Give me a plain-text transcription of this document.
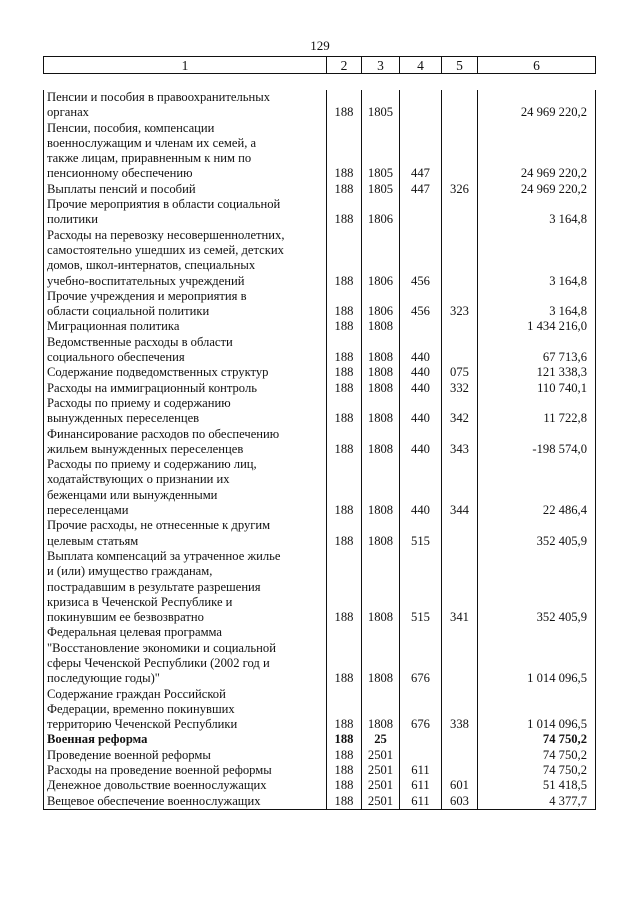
129
1	2	3	4	5	6
Пенсии и пособия в правоохранительных
органах	188	1805			24 969 220,2

Пенсии, пособия, компенсации
военнослужащим и членам их семей, а
также лицам, приравненным к ним по
пенсионному обеспечению	188	1805	447		24 969 220,2

Выплаты пенсий и пособий	188	1805	447	326	24 969 220,2

Прочие мероприятия в области социальной
политики	188	1806			3 164,8

Расходы на перевозку несовершеннолетних,
самостоятельно ушедших из семей, детских
домов, школ-интернатов, специальных
учебно-воспитательных учреждений	188	1806	456		3 164,8

Прочие учреждения и мероприятия в
области социальной политики	188	1806	456	323	3 164,8

Миграционная политика	188	1808			1 434 216,0

Ведомственные расходы в области
социального обеспечения	188	1808	440		67 713,6

Содержание подведомственных структур	188	1808	440	075	121 338,3

Расходы на иммиграционный контроль	188	1808	440	332	110 740,1

Расходы по приему и содержанию
вынужденных переселенцев	188	1808	440	342	11 722,8

Финансирование расходов по обеспечению
жильем вынужденных переселенцев	188	1808	440	343	-198 574,0

Расходы по приему и содержанию лиц,
ходатайствующих о признании их
беженцами или вынужденными
переселенцами	188	1808	440	344	22 486,4

Прочие расходы, не отнесенные к другим
целевым статьям	188	1808	515		352 405,9

Выплата компенсаций за утраченное жилье
и (или) имущество гражданам,
пострадавшим в результате разрешения
кризиса в Чеченской Республике и
покинувшим ее безвозвратно	188	1808	515	341	352 405,9

Федеральная целевая программа
"Восстановление экономики и социальной
сферы Чеченской Республики (2002 год и
последующие годы)"	188	1808	676		1 014 096,5

Содержание граждан Российской
Федерации, временно покинувших
территорию Чеченской Республики	188	1808	676	338	1 014 096,5

Военная реформа	188	25			74 750,2

Проведение военной реформы	188	2501			74 750,2

Расходы на проведение военной реформы	188	2501	611		74 750,2

Денежное довольствие военнослужащих	188	2501	611	601	51 418,5

Вещевое обеспечение военнослужащих	188	2501	611	603	4 377,7
